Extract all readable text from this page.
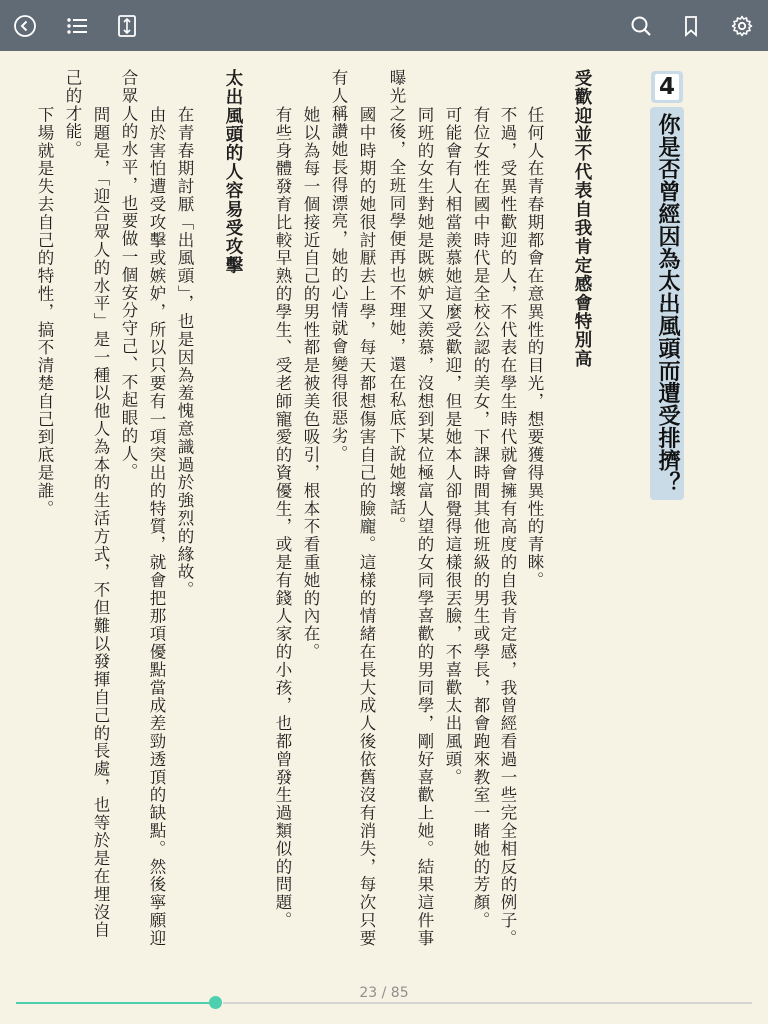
4
你是否曾經因為太出風頭而遭受排擠？
受歡迎並不代表自我肯定感會特別高
任何人在青春期都會在意異性的目光，想要獲得異性的青睞。
不過，受異性歡迎的人，不代表在學生時代就會擁有高度的自我肯定感，我曾經看過一些完全相反的例子。
有位女性在國中時代是全校公認的美女，下課時間其他班級的男生或學長，都會跑來教室一睹她的芳顏。
可能會有人相當羨慕她這麼受歡迎，但是她本人卻覺得這樣很丟臉，不喜歡太出風頭。
同班的女生對她是既嫉妒又羨慕，沒想到某位極富人望的女同學喜歡的男同學，剛好喜歡上她。結果這件事
曝光之後，全班同學便再也不理她，還在私底下說她壞話。
國中時期的她很討厭去上學，每天都想傷害自己的臉龐。這樣的情緒在長大成人後依舊沒有消失，每次只要
有人稱讚她長得漂亮，她的心情就會變得很惡劣。
她以為每一個接近自己的男性都是被美色吸引，根本不看重她的內在。
有些身體發育比較早熟的學生、受老師寵愛的資優生，或是有錢人家的小孩，也都曾發生過類似的問題。
太出風頭的人容易受攻擊
在青春期討厭「出風頭」，也是因為羞愧意識過於強烈的緣故。
由於害怕遭受攻擊或嫉妒，所以只要有一項突出的特質，就會把那項優點當成差勁透頂的缺點。然後寧願迎
合眾人的水平，也要做一個安分守己、不起眼的人。
問題是，「迎合眾人的水平」是一種以他人為本的生活方式，不但難以發揮自己的長處，也等於是在埋沒自
己的才能。
下場就是失去自己的特性，搞不清楚自己到底是誰。
23 / 85
